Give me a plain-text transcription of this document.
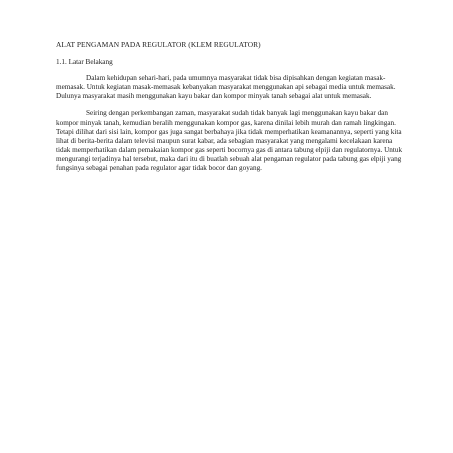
ALAT PENGAMAN PADA REGULATOR (KLEM REGULATOR)

1.1. Latar Belakang

Dalam kehidupan sehari-hari, pada umumnya masyarakat tidak bisa dipisahkan dengan kegiatan masak-memasak. Untuk kegiatan masak-memasak kebanyakan masyarakat menggunakan api sebagai media untuk memasak. Dulunya masyarakat masih menggunakan kayu bakar dan kompor minyak tanah sebagai alat untuk memasak.

Seiring dengan perkembangan zaman, masyarakat sudah tidak banyak lagi menggunakan kayu bakar dan kompor minyak tanah, kemudian beralih menggunakan kompor gas, karena dinilai lebih murah dan ramah lingkingan. Tetapi dilihat dari sisi lain, kompor gas juga sangat berbahaya jika tidak memperhatikan keamanannya, seperti yang kita lihat di berita-berita dalam televisi maupun surat kabar, ada sebagian masyarakat yang mengalami kecelakaan karena tidak memperhatikan dalam pemakaian kompor gas seperti bocornya gas di antara tabung elpiji dan regulatornya. Untuk mengurangi terjadinya hal tersebut, maka dari itu di buatlah sebuah alat pengaman regulator pada tabung gas elpiji yang fungsinya sebagai penahan pada regulator agar tidak bocor dan goyang.
